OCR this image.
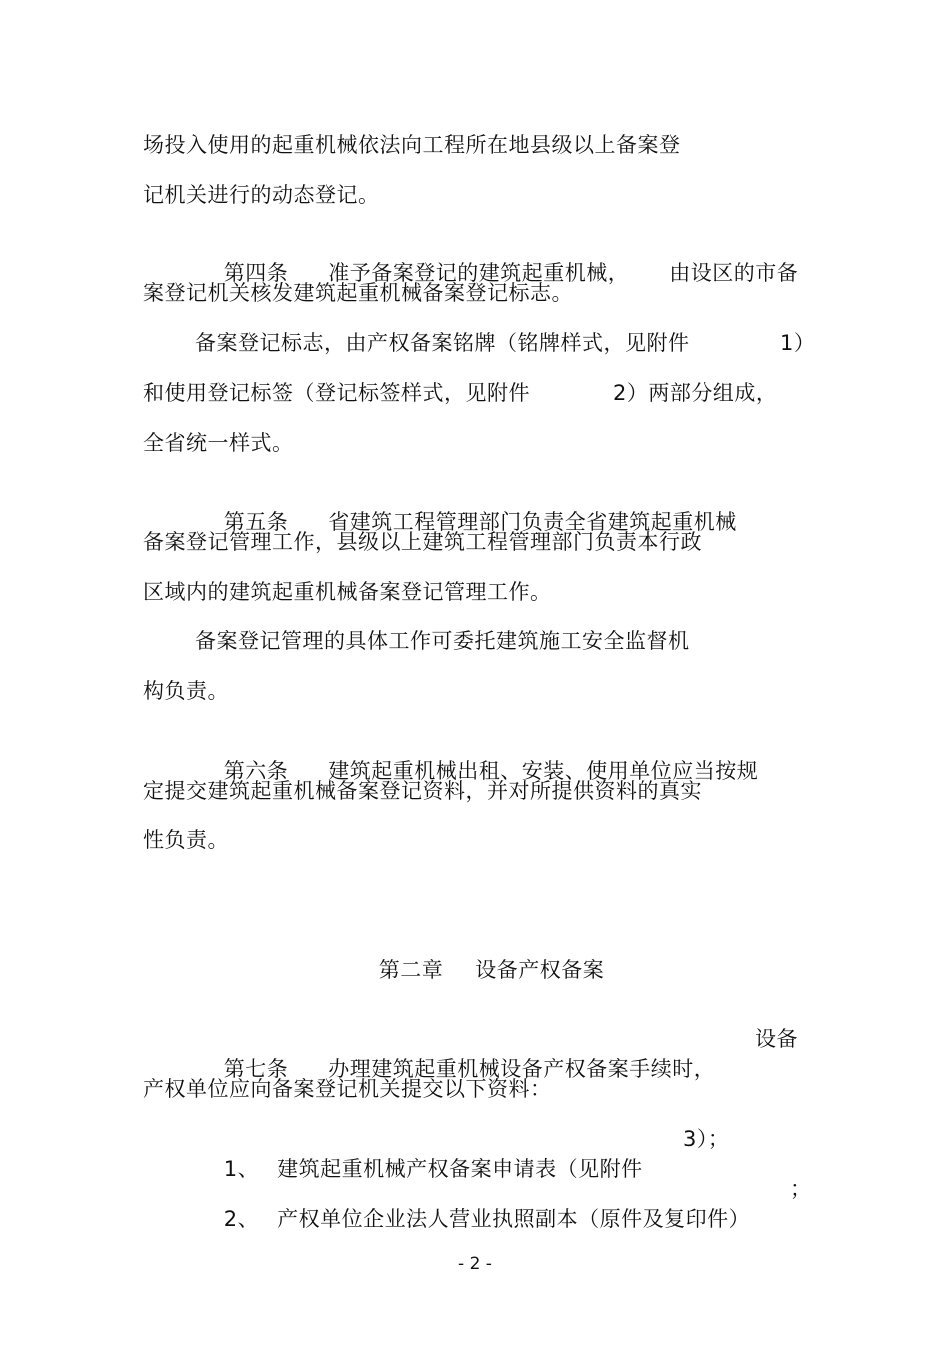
场投入使用的起重机械依法向工程所在地县级以上备案登
记机关进行的动态登记。

第四条 准予备案登记的建筑起重机械， 由设区的市备

案登记机关核发建筑起重机械备案登记标志。
备案登记标志，由产权备案铭牌（铭牌样式，见附件	1）
和使用登记标签（登记标签样式，见附件	2）两部分组成，
全省统一样式。

第五条 省建筑工程管理部门负责全省建筑起重机械

备案登记管理工作，县级以上建筑工程管理部门负责本行政
区域内的建筑起重机械备案登记管理工作。
备案登记管理的具体工作可委托建筑施工安全监督机
构负责。

第六条 建筑起重机械出租、安装、使用单位应当按规

定提交建筑起重机械备案登记资料，并对所提供资料的真实
性负责。

第二章 设备产权备案

第七条 办理建筑起重机械设备产权备案手续时，

设备
产权单位应向备案登记机关提交以下资料：

1、 建筑起重机械产权备案申请表（见附件

3）；

2、 产权单位企业法人营业执照副本（原件及复印件）

；
- 2 -
